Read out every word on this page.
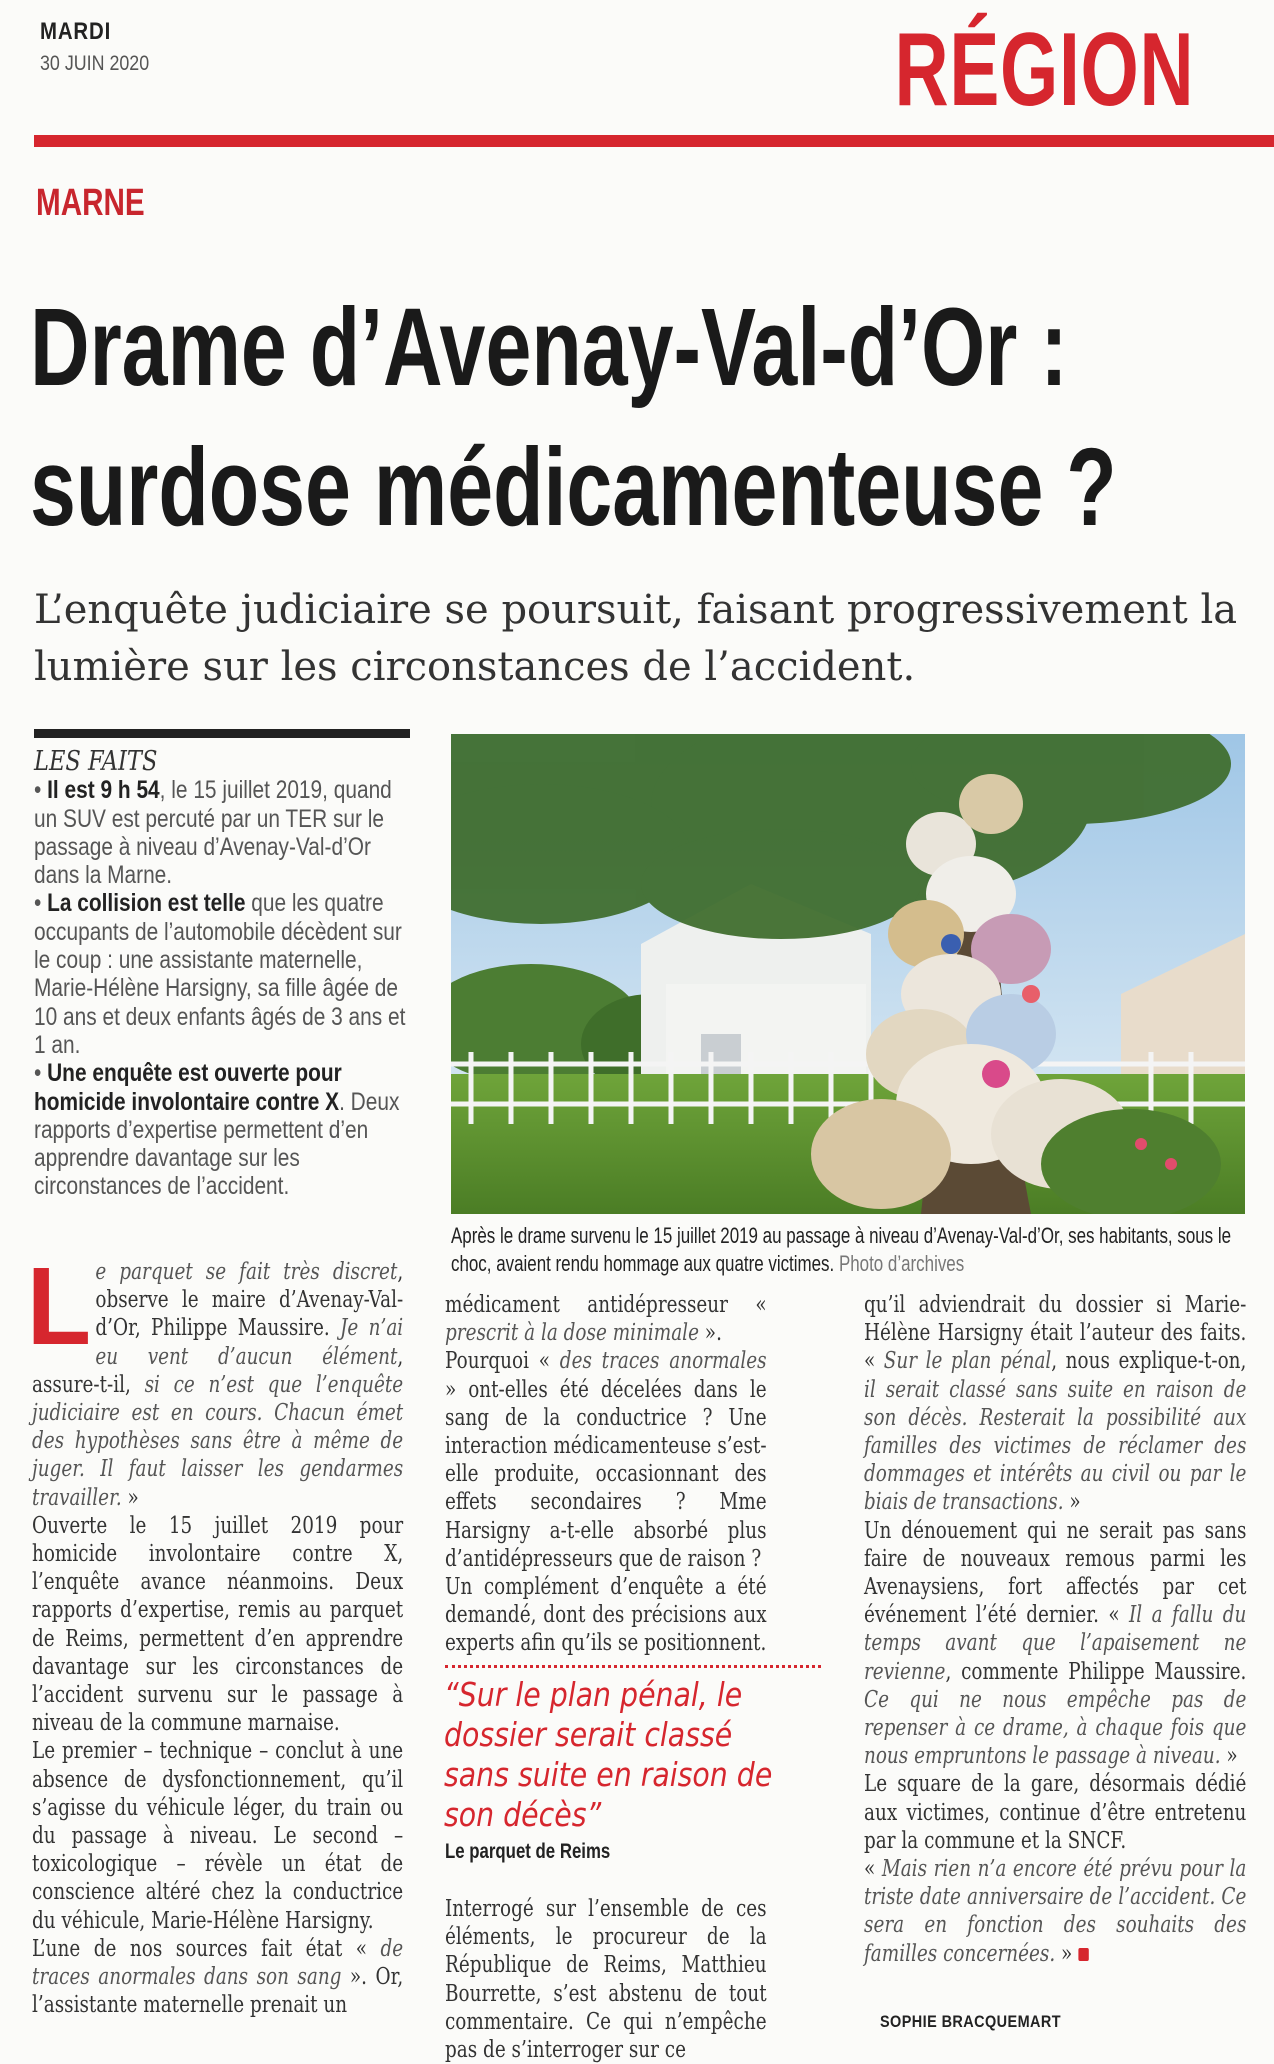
MARDI
30 JUIN 2020	RÉGION
MARNE
Drame d’Avenay-Val-d’Or :
surdose médicamenteuse ?
L’enquête judiciaire se poursuit, faisant progressivement la lumière sur les circonstances de l’accident.
LES FAITS
• Il est 9 h 54, le 15 juillet 2019, quand un SUV est percuté par un TER sur le passage à niveau d’Avenay-Val-d’Or dans la Marne.
• La collision est telle que les quatre occupants de l’automobile décèdent sur le coup : une assistante maternelle, Marie-Hélène Harsigny, sa fille âgée de 10 ans et deux enfants âgés de 3 ans et 1 an.
• Une enquête est ouverte pour homicide involontaire contre X. Deux rapports d’expertise permettent d’en apprendre davantage sur les circonstances de l’accident.
Après le drame survenu le 15 juillet 2019 au passage à niveau d’Avenay-Val-d’Or, ses habitants, sous le choc, avaient rendu hommage aux quatre victimes. Photo d’archives

Le parquet se fait très discret, observe le maire d’Avenay-Val-d’Or, Philippe Maussire. Je n’ai eu vent d’aucun élément, assure-t-il, si ce n’est que l’enquête judiciaire est en cours. Chacun émet des hypothèses sans être à même de juger. Il faut laisser les gendarmes travailler. »

Ouverte le 15 juillet 2019 pour homicide involontaire contre X, l’enquête avance néanmoins. Deux rapports d’expertise, remis au parquet de Reims, permettent d’en apprendre davantage sur les circonstances de l’accident survenu sur le passage à niveau de la commune marnaise.

Le premier – technique – conclut à une absence de dysfonctionnement, qu’il s’agisse du véhicule léger, du train ou du passage à niveau. Le second – toxicologique – révèle un état de conscience altéré chez la conductrice du véhicule, Marie-Hélène Harsigny.

L’une de nos sources fait état « de traces anormales dans son sang ». Or, l’assistante maternelle prenait un

médicament antidépresseur « prescrit à la dose minimale ».

Pourquoi « des traces anormales » ont-elles été décelées dans le sang de la conductrice ? Une interaction médicamenteuse s’est-elle produite, occasionnant des effets secondaires ? Mme Harsigny a-t-elle absorbé plus d’antidépresseurs que de raison ?

Un complément d’enquête a été demandé, dont des précisions aux experts afin qu’ils se positionnent.

“Sur le plan pénal, le dossier serait classé sans suite en raison de son décès”
Le parquet de Reims

Interrogé sur l’ensemble de ces éléments, le procureur de la République de Reims, Matthieu Bourrette, s’est abstenu de tout commentaire. Ce qui n’empêche pas de s’interroger sur ce

qu’il adviendrait du dossier si Marie-Hélène Harsigny était l’auteur des faits. « Sur le plan pénal, nous explique-t-on, il serait classé sans suite en raison de son décès. Resterait la possibilité aux familles des victimes de réclamer des dommages et intérêts au civil ou par le biais de transactions. »

Un dénouement qui ne serait pas sans faire de nouveaux remous parmi les Avenaysiens, fort affectés par cet événement l’été dernier. « Il a fallu du temps avant que l’apaisement ne revienne, commente Philippe Maussire. Ce qui ne nous empêche pas de repenser à ce drame, à chaque fois que nous empruntons le passage à niveau. »

Le square de la gare, désormais dédié aux victimes, continue d’être entretenu par la commune et la SNCF.

« Mais rien n’a encore été prévu pour la triste date anniversaire de l’accident. Ce sera en fonction des souhaits des familles concernées. »

SOPHIE BRACQUEMART
